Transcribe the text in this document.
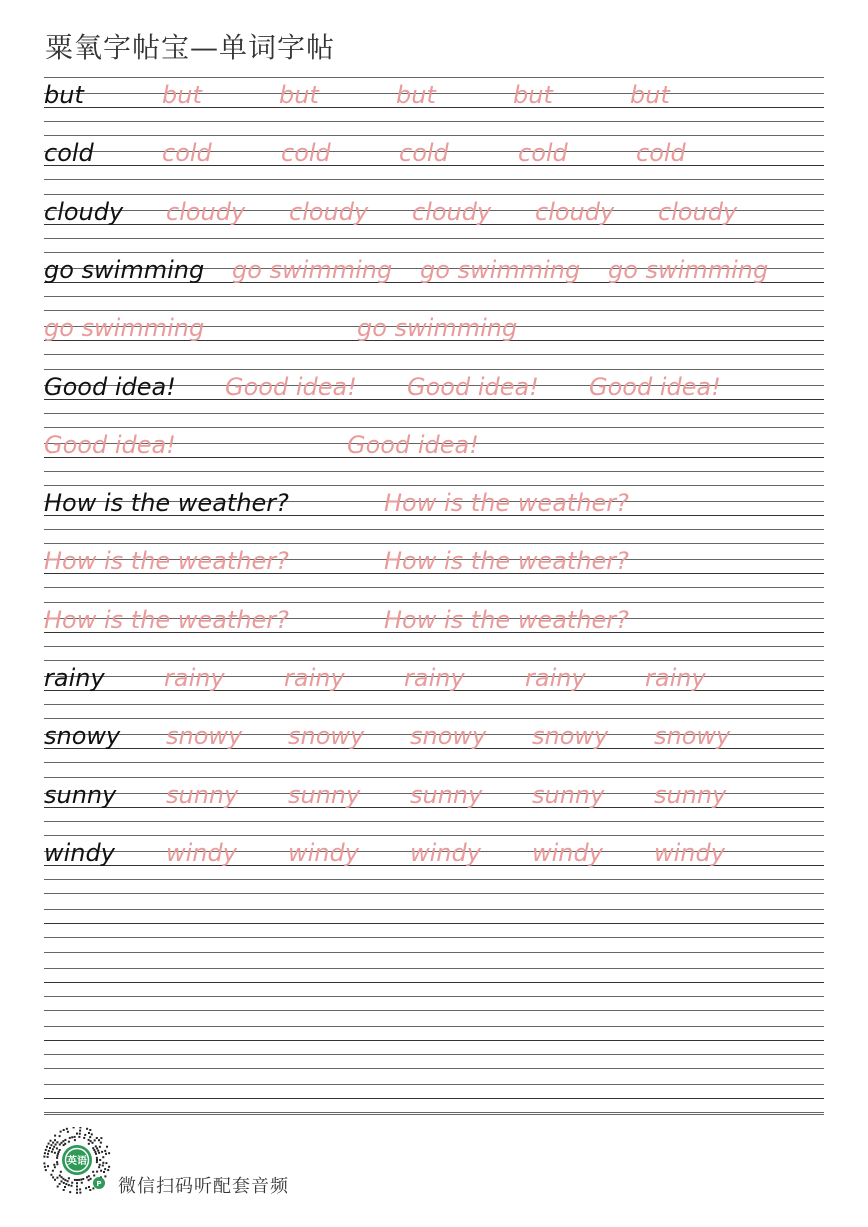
粟氧字帖宝—单词字帖
but	but	but	but	but	but
cold	cold	cold	cold	cold	cold
cloudy cloudy cloudy cloudy cloudy cloudy
go swimming go swimming go swimming go swimming
go swimming	go swimming
Good idea! Good idea! Good idea! Good idea!
Good idea!	Good idea!
How is the weather?	How is the weather?
How is the weather?	How is the weather?
How is the weather?	How is the weather?
rainy rainy rainy rainy	rainy rainy
snowy snowy snowy snowy snowy snowy
sunny sunny sunny sunny sunny sunny
windy windy windy windy windy windy
英语
P 微信扫码听配套音频
